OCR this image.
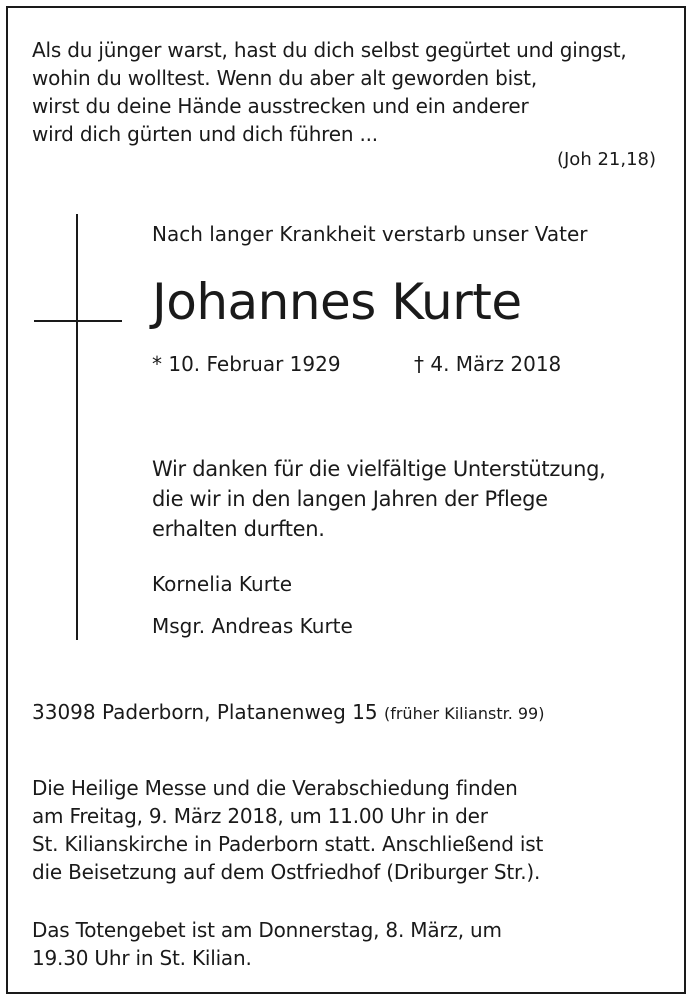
Als du jünger warst, hast du dich selbst gegürtet und gingst,
wohin du wolltest. Wenn du aber alt geworden bist,
wirst du deine Hände ausstrecken und ein anderer
wird dich gürten und dich führen ...
(Joh 21,18)
Nach langer Krankheit verstarb unser Vater
Johannes Kurte
* 10. Februar 1929	† 4. März 2018
Wir danken für die vielfältige Unterstützung,
die wir in den langen Jahren der Pflege
erhalten durften.
Kornelia Kurte
Msgr. Andreas Kurte
33098 Paderborn, Platanenweg 15 (früher Kilianstr. 99)
Die Heilige Messe und die Verabschiedung finden
am Freitag, 9. März 2018, um 11.00 Uhr in der
St. Kilianskirche in Paderborn statt. Anschließend ist
die Beisetzung auf dem Ostfriedhof (Driburger Str.).
Das Totengebet ist am Donnerstag, 8. März, um
19.30 Uhr in St. Kilian.
